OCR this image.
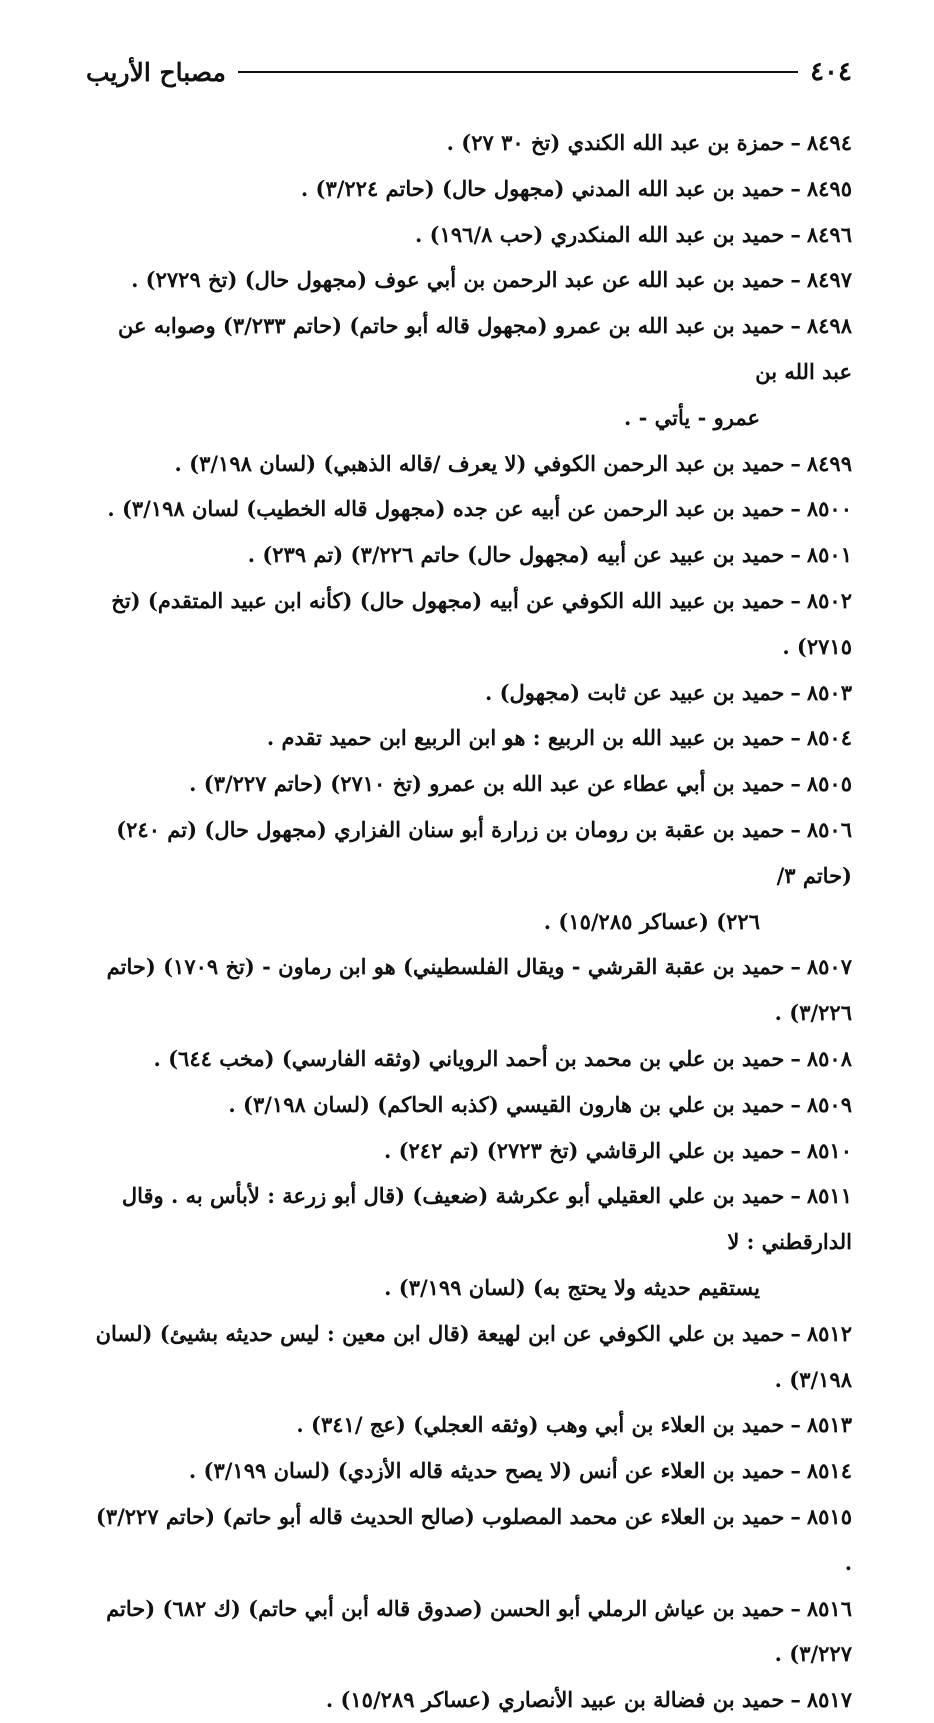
٤٠٤
مصباح الأريب
٨٤٩٤–حمزة بن عبد الله الكندي (تخ ٣٠ ٢٧) .
٨٤٩٥–حميد بن عبد الله المدني (مجهول حال) (حاتم ٣/٢٢٤) .
٨٤٩٦–حميد بن عبد الله المنكدري (حب ١٩٦/٨) .
٨٤٩٧–حميد بن عبد الله عن عبد الرحمن بن أبي عوف (مجهول حال) (تخ ٢٧٢٩) .
٨٤٩٨–حميد بن عبد الله بن عمرو (مجهول قاله أبو حاتم) (حاتم ٣/٢٣٣) وصوابه عن عبد الله بن
عمرو - يأتي - .
٨٤٩٩–حميد بن عبد الرحمن الكوفي (لا يعرف /قاله الذهبي) (لسان ٣/١٩٨) .
٨٥٠٠–حميد بن عبد الرحمن عن أبيه عن جده (مجهول قاله الخطيب) لسان ٣/١٩٨) .
٨٥٠١–حميد بن عبيد عن أبيه (مجهول حال) حاتم ٣/٢٢٦) (تم ٢٣٩) .
٨٥٠٢–حميد بن عبيد الله الكوفي عن أبيه (مجهول حال) (كأنه ابن عبيد المتقدم) (تخ ٢٧١٥) .
٨٥٠٣–حميد بن عبيد عن ثابت (مجهول) .
٨٥٠٤–حميد بن عبيد الله بن الربيع : هو ابن الربيع ابن حميد تقدم .
٨٥٠٥–حميد بن أبي عطاء عن عبد الله بن عمرو (تخ ٢٧١٠) (حاتم ٣/٢٢٧) .
٨٥٠٦–حميد بن عقبة بن رومان بن زرارة أبو سنان الفزاري (مجهول حال) (تم ٢٤٠) (حاتم ٣/
٢٢٦) (عساكر ١٥/٢٨٥) .
٨٥٠٧–حميد بن عقبة القرشي - ويقال الفلسطيني) هو ابن رماون - (تخ ١٧٠٩) (حاتم ٣/٢٢٦) .
٨٥٠٨–حميد بن علي بن محمد بن أحمد الروياني (وثقه الفارسي) (مخب ٦٤٤) .
٨٥٠٩–حميد بن علي بن هارون القيسي (كذبه الحاكم) (لسان ٣/١٩٨) .
٨٥١٠–حميد بن علي الرقاشي (تخ ٢٧٢٣) (تم ٢٤٢) .
٨٥١١–حميد بن علي العقيلي أبو عكرشة (ضعيف) (قال أبو زرعة : لأبأس به . وقال الدارقطني : لا
يستقيم حديثه ولا يحتج به) (لسان ٣/١٩٩) .
٨٥١٢–حميد بن علي الكوفي عن ابن لهيعة (قال ابن معين : ليس حديثه بشيئ) (لسان ٣/١٩٨) .
٨٥١٣–حميد بن العلاء بن أبي وهب (وثقه العجلي) (عج /٣٤١) .
٨٥١٤–حميد بن العلاء عن أنس (لا يصح حديثه قاله الأزدي) (لسان ٣/١٩٩) .
٨٥١٥–حميد بن العلاء عن محمد المصلوب (صالح الحديث قاله أبو حاتم) (حاتم ٣/٢٢٧) .
٨٥١٦–حميد بن عياش الرملي أبو الحسن (صدوق قاله أبن أبي حاتم) (ك ٦٨٢) (حاتم ٣/٢٢٧) .
٨٥١٧–حميد بن فضالة بن عبيد الأنصاري (عساكر ١٥/٢٨٩) .
